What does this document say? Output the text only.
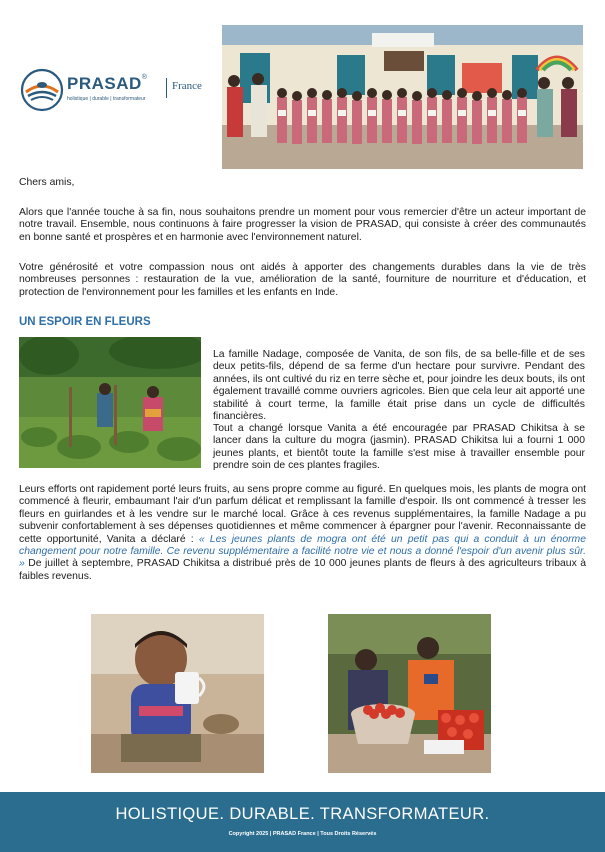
PRASAD®
France
holistique | durable | transformateur
Chers amis,
Alors que l'année touche à sa fin, nous souhaitons prendre un moment pour vous remercier d'être un acteur important de notre travail. Ensemble, nous continuons à faire progresser la vision de PRASAD, qui consiste à créer des communautés en bonne santé et prospères et en harmonie avec l'environnement naturel.
Votre générosité et votre compassion nous ont aidés à apporter des changements durables dans la vie de très nombreuses personnes : restauration de la vue, amélioration de la santé, fourniture de nourriture et d'éducation, et protection de l'environnement pour les familles et les enfants en Inde.
UN ESPOIR EN FLEURS
La famille Nadage, composée de Vanita, de son fils, de sa belle-fille et de ses deux petits-fils, dépend de sa ferme d'un hectare pour survivre. Pendant des années, ils ont cultivé du riz en terre sèche et, pour joindre les deux bouts, ils ont également travaillé comme ouvriers agricoles. Bien que cela leur ait apporté une stabilité à court terme, la famille était prise dans un cycle de difficultés financières.
Tout a changé lorsque Vanita a été encouragée par PRASAD Chikitsa à se lancer dans la culture du mogra (jasmin). PRASAD Chikitsa lui a fourni 1 000 jeunes plants, et bientôt toute la famille s'est mise à travailler ensemble pour prendre soin de ces plantes fragiles.
Leurs efforts ont rapidement porté leurs fruits, au sens propre comme au figuré. En quelques mois, les plants de mogra ont commencé à fleurir, embaumant l'air d'un parfum délicat et remplissant la famille d'espoir. Ils ont commencé à tresser les fleurs en guirlandes et à les vendre sur le marché local. Grâce à ces revenus supplémentaires, la famille Nadage a pu subvenir confortablement à ses dépenses quotidiennes et même commencer à épargner pour l'avenir. Reconnaissante de cette opportunité, Vanita a déclaré : « Les jeunes plants de mogra ont été un petit pas qui a conduit à un énorme changement pour notre famille. Ce revenu supplémentaire a facilité notre vie et nous a donné l'espoir d'un avenir plus sûr. » De juillet à septembre, PRASAD Chikitsa a distribué près de 10 000 jeunes plants de fleurs à des agriculteurs tribaux à faibles revenus.
HOLISTIQUE. DURABLE. TRANSFORMATEUR.
Copyright 2025 | PRASAD France | Tous Droits Réservés
